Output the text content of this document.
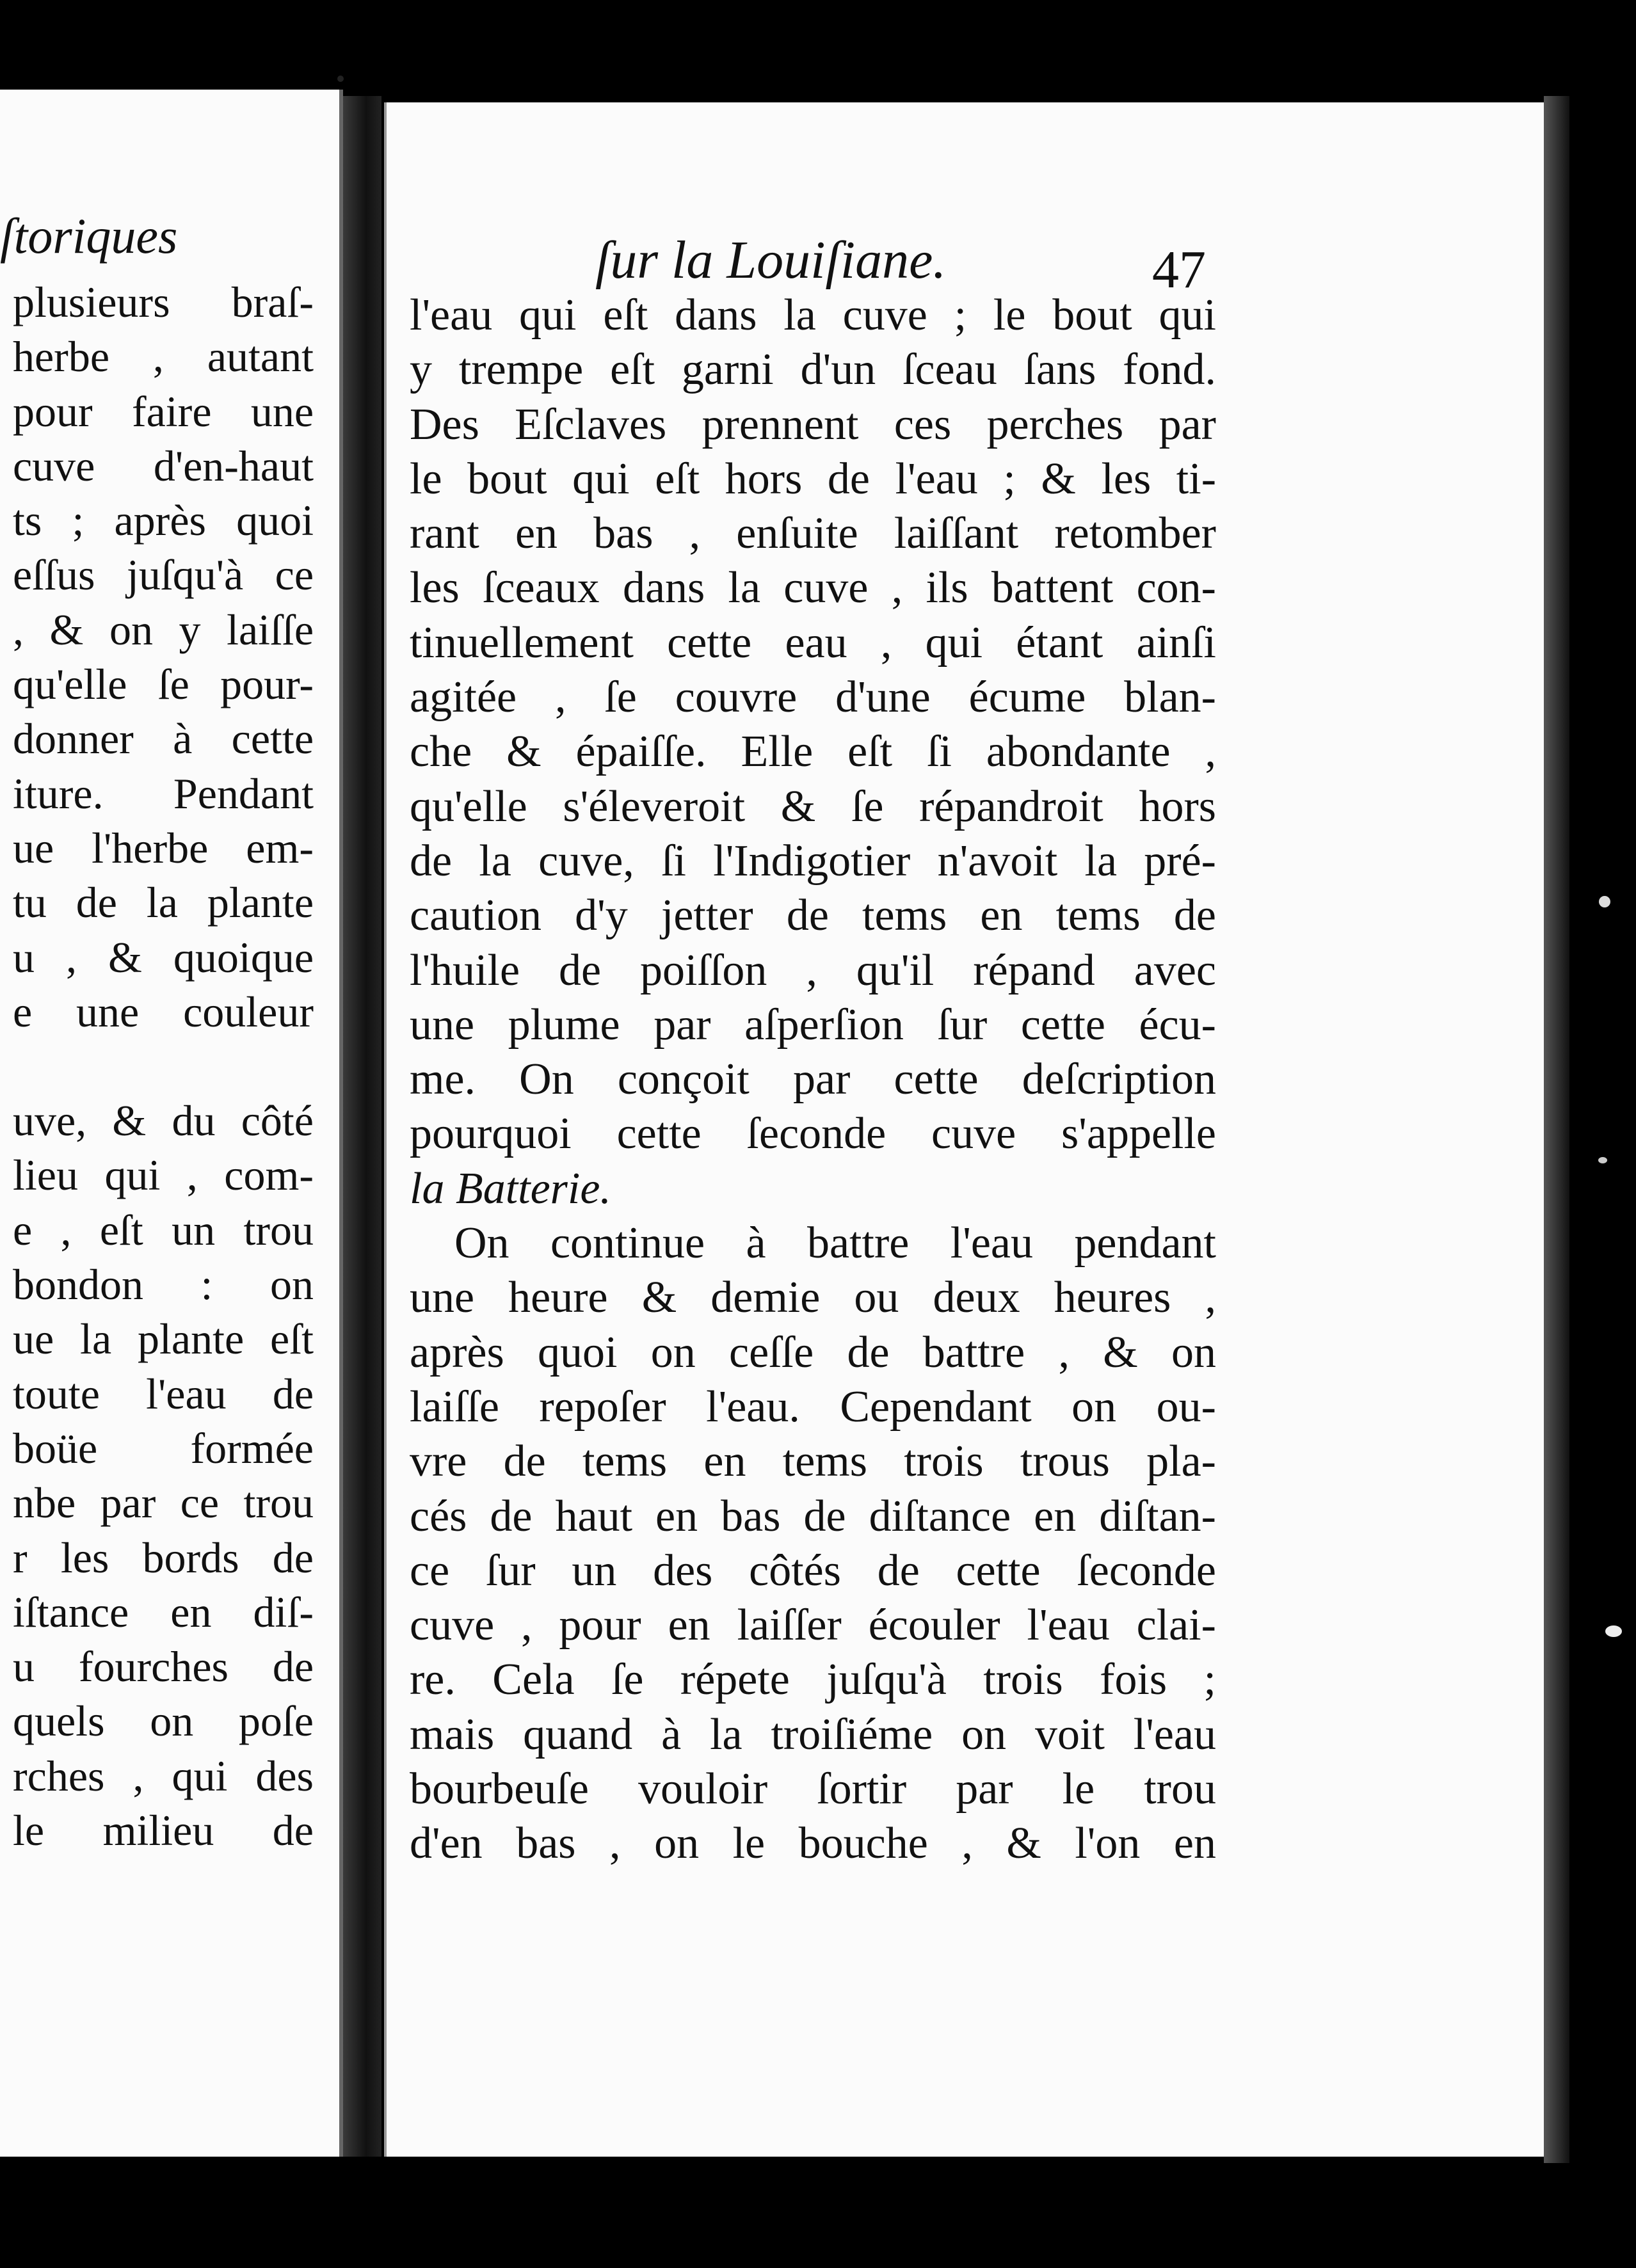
ſtoriques
plusieurs braſ-
herbe , autant
pour faire une
cuve d'en-haut
ts ; après quoi
eſſus juſqu'à ce
, & on y laiſſe
qu'elle ſe pour-
donner à cette
iture. Pendant
ue l'herbe em-
tu de la plante
u , & quoique
e une couleur
uve, & du côté
lieu qui , com-
e , eſt un trou
bondon : on
ue la plante eſt
toute l'eau de
boüe formée
nbe par ce trou
r les bords de
iſtance en diſ-
u fourches de
quels on poſe
rches , qui des
le milieu de
ſur la Louiſiane.	47
l'eau qui eſt dans la cuve ; le bout qui
y trempe eſt garni d'un ſceau ſans fond.
Des Eſclaves prennent ces perches par
le bout qui eſt hors de l'eau ; & les ti-
rant en bas , enſuite laiſſant retomber
les ſceaux dans la cuve , ils battent con-
tinuellement cette eau , qui étant ainſi
agitée , ſe couvre d'une écume blan-
che & épaiſſe. Elle eſt ſi abondante ,
qu'elle s'éleveroit & ſe répandroit hors
de la cuve, ſi l'Indigotier n'avoit la pré-
caution d'y jetter de tems en tems de
l'huile de poiſſon , qu'il répand avec
une plume par aſperſion ſur cette écu-
me. On conçoit par cette deſcription
pourquoi cette ſeconde cuve s'appelle
la Batterie.
On continue à battre l'eau pendant
une heure & demie ou deux heures ,
après quoi on ceſſe de battre , & on
laiſſe repoſer l'eau. Cependant on ou-
vre de tems en tems trois trous pla-
cés de haut en bas de diſtance en diſtan-
ce ſur un des côtés de cette ſeconde
cuve , pour en laiſſer écouler l'eau clai-
re. Cela ſe répete juſqu'à trois fois ;
mais quand à la troiſiéme on voit l'eau
bourbeuſe vouloir ſortir par le trou
d'en bas , on le bouche , & l'on en
